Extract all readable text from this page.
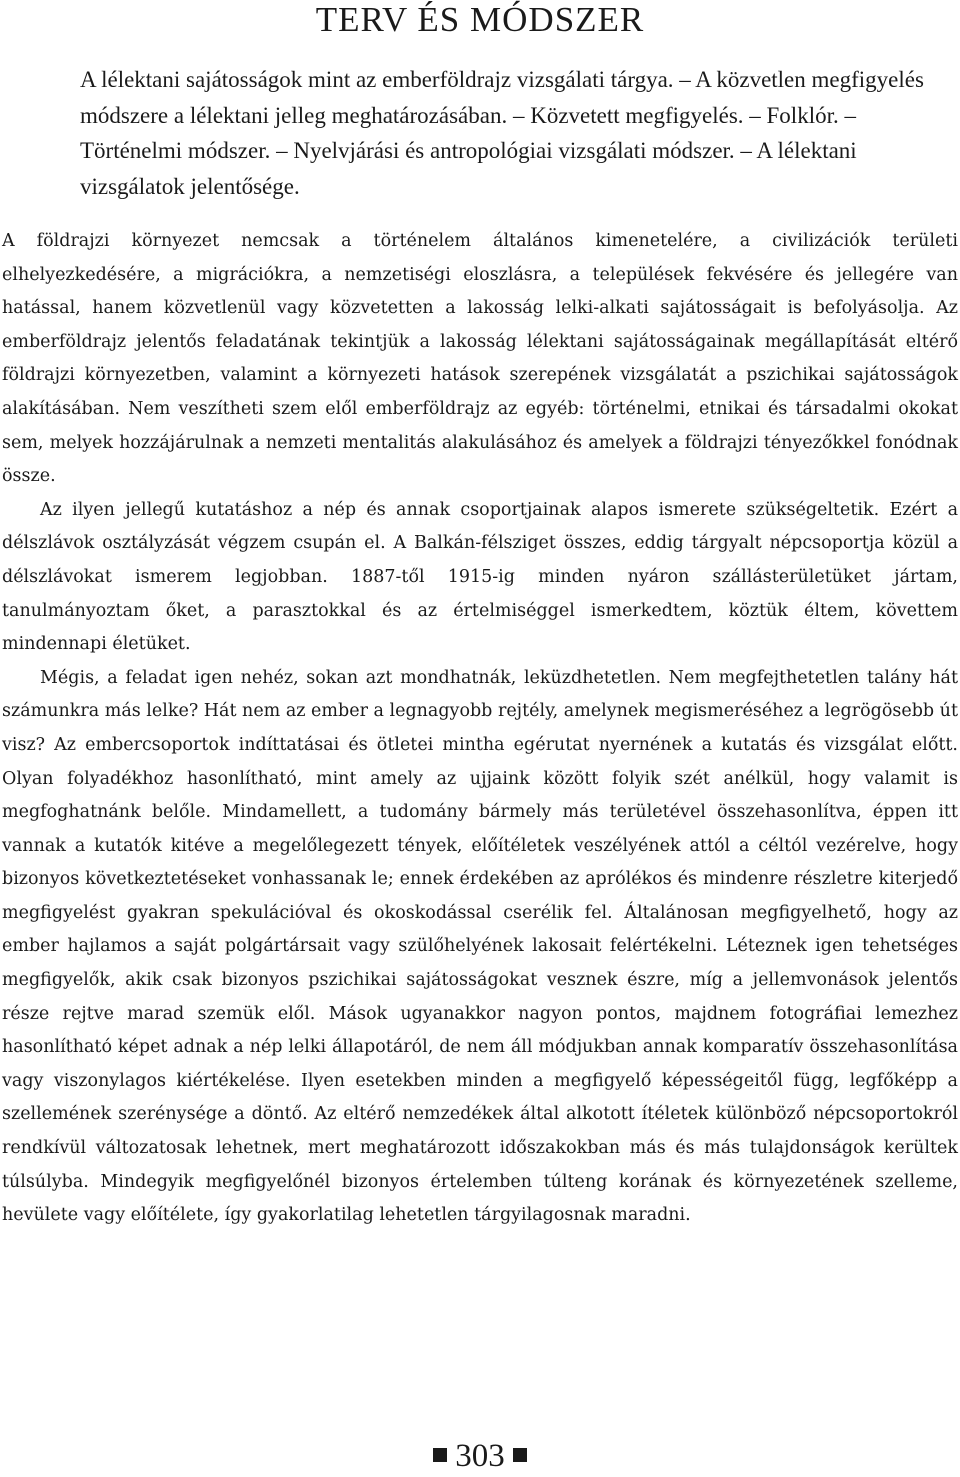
TERV ÉS MÓDSZER

A lélektani sajátosságok mint az emberföldrajz vizsgálati tárgya. – A közvetlen megfigyelés módszere a lélektani jelleg meghatározásában. – Közvetett megfigyelés. – Folklór. – Történelmi módszer. – Nyelvjárási és antropológiai vizsgálati módszer. – A lélektani vizsgálatok jelentősége.

A földrajzi környezet nemcsak a történelem általános kimenetelére, a civilizációk területi elhelyezkedésére, a migrációkra, a nemzetiségi eloszlásra, a települések fekvésére és jellegére van hatással, hanem közvetlenül vagy közvetetten a lakosság lelki-alkati sajátosságait is befolyásolja. Az emberföldrajz jelentős feladatának tekintjük a lakosság lélektani sajátosságainak megállapítását eltérő földrajzi környezetben, valamint a környezeti hatások szerepének vizsgálatát a pszichikai sajátosságok alakításában. Nem veszítheti szem elől emberföldrajz az egyéb: történelmi, etnikai és társadalmi okokat sem, melyek hozzájárulnak a nemzeti mentalitás alakulásához és amelyek a földrajzi tényezőkkel fonódnak össze.

Az ilyen jellegű kutatáshoz a nép és annak csoportjainak alapos ismerete szükségeltetik. Ezért a délszlávok osztályzását végzem csupán el. A Balkán-félsziget összes, eddig tárgyalt népcsoportja közül a délszlávokat ismerem legjobban. 1887-től 1915-ig minden nyáron szállásterületüket jártam, tanulmányoztam őket, a parasztokkal és az értelmiséggel ismerkedtem, köztük éltem, követtem mindennapi életüket.

Mégis, a feladat igen nehéz, sokan azt mondhatnák, leküzdhetetlen. Nem megfejthetetlen talány hát számunkra más lelke? Hát nem az ember a legnagyobb rejtély, amelynek megismeréséhez a legrögösebb út visz? Az embercsoportok indíttatásai és ötletei mintha egérutat nyernének a kutatás és vizsgálat előtt. Olyan folyadékhoz hasonlítható, mint amely az ujjaink között folyik szét anélkül, hogy valamit is megfoghatnánk belőle. Mindamellett, a tudomány bármely más területével összehasonlítva, éppen itt vannak a kutatók kitéve a megelőlegezett tények, előítéletek veszélyének attól a céltól vezérelve, hogy bizonyos következtetéseket vonhassanak le; ennek érdekében az aprólékos és mindenre részletre kiterjedő megfigyelést gyakran spekulációval és okoskodással cserélik fel. Általánosan megfigyelhető, hogy az ember hajlamos a saját polgártársait vagy szülőhelyének lakosait felértékelni. Léteznek igen tehetséges megfigyelők, akik csak bizonyos pszichikai sajátosságokat vesznek észre, míg a jellemvonások jelentős része rejtve marad szemük elől. Mások ugyanakkor nagyon pontos, majdnem fotográfiai lemezhez hasonlítható képet adnak a nép lelki állapotáról, de nem áll módjukban annak komparatív összehasonlítása vagy viszonylagos kiértékelése. Ilyen esetekben minden a megfigyelő képességeitől függ, legfőképp a szellemének szerénysége a döntő. Az eltérő nemzedékek által alkotott ítéletek különböző népcsoportokról rendkívül változatosak lehetnek, mert meghatározott időszakokban más és más tulajdonságok kerültek túlsúlyba. Mindegyik megfigyelőnél bizonyos értelemben túlteng korának és környezetének szelleme, hevülete vagy előítélete, így gyakorlatilag lehetetlen tárgyilagosnak maradni.

303
